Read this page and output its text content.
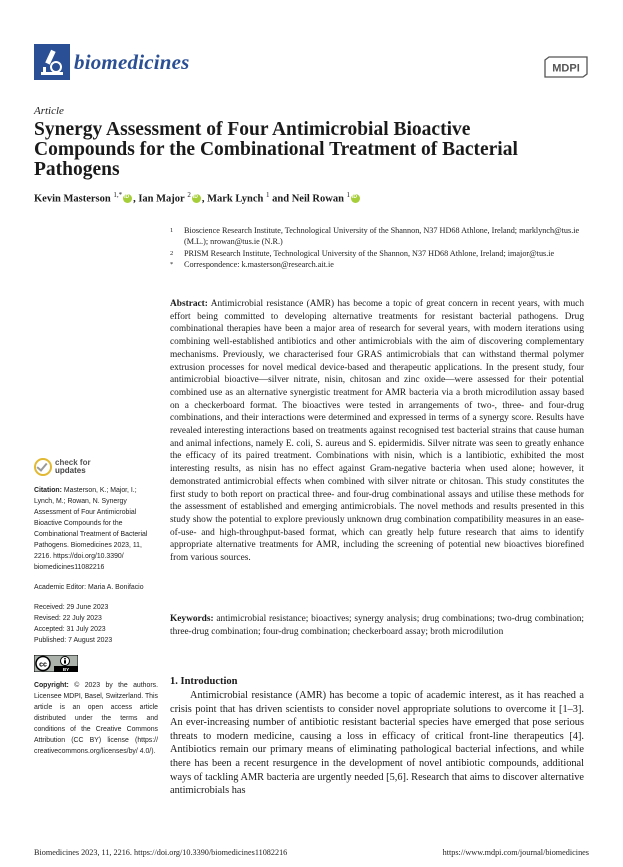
biomedicines	MDPI
Article
Synergy Assessment of Four Antimicrobial Bioactive Compounds for the Combinational Treatment of Bacterial Pathogens
Kevin Masterson $^{1,*}$ iD , Ian Major $^2$ iD , Mark Lynch $^1$ and Neil Rowan $^1$iD
1 Bioscience Research Institute, Technological University of the Shannon, N37 HD68 Athlone, Ireland; marklynch@tus.ie (M.L.); nrowan@tus.ie (N.R.)
2 PRISM Research Institute, Technological University of the Shannon, N37 HD68 Athlone, Ireland; imajor@tus.ie
* Correspondence: k.masterson@research.ait.ie
Abstract: Antimicrobial resistance (AMR) has become a topic of great concern in recent years, with much effort being committed to developing alternative treatments for resistant bacterial pathogens. Drug combinational therapies have been a major area of research for several years, with modern iterations using combining well-established antibiotics and other antimicrobials with the aim of discovering complementary mechanisms. Previously, we characterised four GRAS antimicrobials that can withstand thermal polymer extrusion processes for novel medical device-based and therapeutic applications. In the present study, four antimicrobial bioactive—silver nitrate, nisin, chitosan and zinc oxide—were assessed for their potential combined use as an alternative synergistic treatment for AMR bacteria via a broth microdilution assay based on a checkerboard format. The bioactives were tested in arrangements of two-, three- and four-drug combinations, and their interactions were determined and expressed in terms of a synergy score. Results have revealed interesting interactions based on treatments against recognised test bacterial strains that cause human and animal infections, namely E. coli, S. aureus and S. epidermidis. Silver nitrate was seen to greatly enhance the efficacy of its paired treatment. Combinations with nisin, which is a lantibiotic, exhibited the most interesting results, as nisin has no effect against Gram-negative bacteria when used alone; however, it demonstrated antimicrobial effects when combined with silver nitrate or chitosan. This study constitutes the first study to both report on practical three- and four-drug combinational assays and utilise these methods for the assessment of established and emerging antimicrobials. The novel methods and results presented in this study show the potential to explore previously unknown drug combination compatibility measures in an ease-of-use- and high-throughput-based format, which can greatly help future research that aims to identify appropriate alternative treatments for AMR, including the screening of potential new bioactives biorefined from various sources.
Keywords: antimicrobial resistance; bioactives; synergy analysis; drug combinations; two-drug combination; three-drug combination; four-drug combination; checkerboard assay; broth microdilution
check for
updates
Citation: Masterson, K.; Major, I.; Lynch, M.; Rowan, N. Synergy Assessment of Four Antimicrobial Bioactive Compounds for the Combinational Treatment of Bacterial Pathogens. Biomedicines 2023, 11, 2216. https://doi.org/10.3390/ biomedicines11082216
Academic Editor: Maria A. Bonifacio
Received: 29 June 2023
Revised: 22 July 2023
Accepted: 31 July 2023
Published: 7 August 2023
cc
BY
Copyright: © 2023 by the authors. Licensee MDPI, Basel, Switzerland. This article is an open access article distributed under the terms and conditions of the Creative Commons Attribution (CC BY) license (https:// creativecommons.org/licenses/by/ 4.0/).
1. Introduction

Antimicrobial resistance (AMR) has become a topic of academic interest, as it has reached a crisis point that has driven scientists to consider novel appropriate solutions to overcome it [1–3]. An ever-increasing number of antibiotic resistant bacterial species have emerged that pose serious threats to modern medicine, causing a loss in efficacy of critical front-line therapeutics [4]. Antibiotics remain our primary means of eliminating pathological bacterial infections, and while there has been a recent resurgence in the development of novel antibiotic compounds, additional ways of tackling AMR bacteria are urgently needed [5,6]. Research that aims to discover alternative antimicrobials has

Biomedicines 2023, 11, 2216. https://doi.org/10.3390/biomedicines11082216	https://www.mdpi.com/journal/biomedicines
